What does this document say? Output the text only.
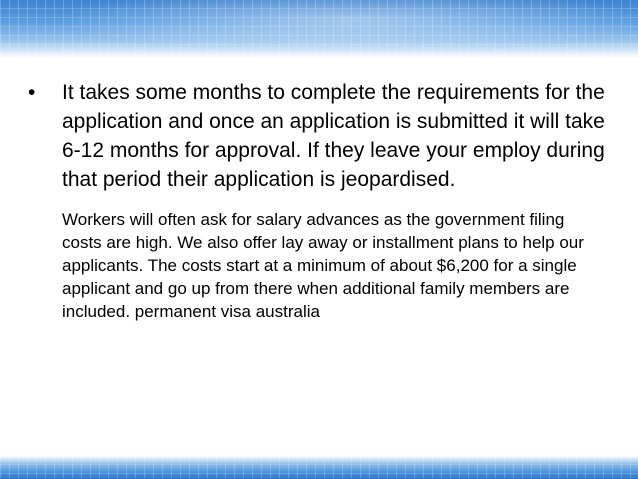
•	It takes some months to complete the requirements for the application and once an application is submitted it will take 6-12 months for approval. If they leave your employ during that period their application is jeopardised.

Workers will often ask for salary advances as the government filing costs are high. We also offer lay away or installment plans to help our applicants. The costs start at a minimum of about $6,200 for a single applicant and go up from there when additional family members are included. permanent visa australia
